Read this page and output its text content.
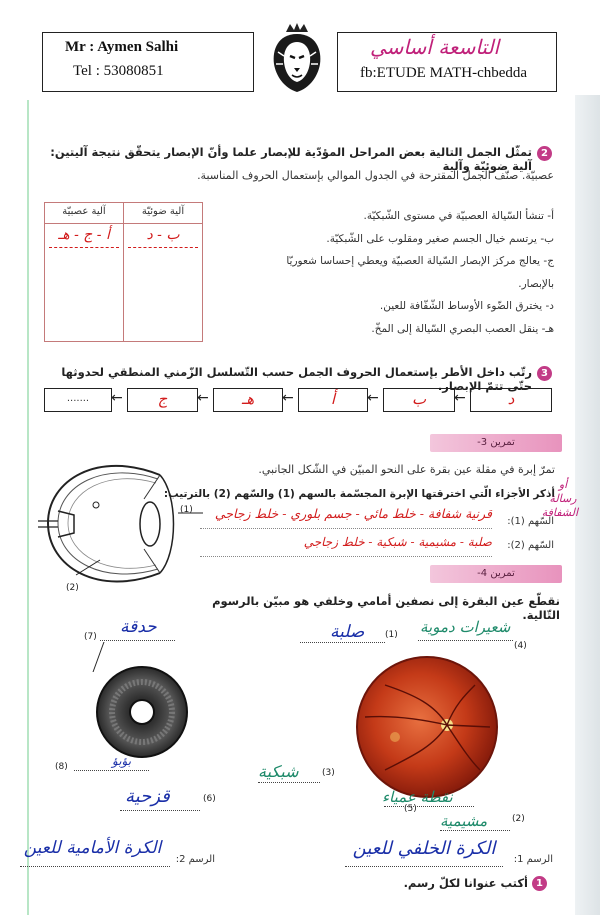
Mr : Aymen Salhi
Tel : 53080851
التاسعة أساسي
fb:ETUDE MATH-chbedda
2
تمثّل الجمل التالية بعض المراحل المؤدّية للإبصار علما وأنّ الإبصار يتحقّق نتيجة آليتين: آلية ضوئيّة وآلية
عصبيّة. صنّف الجمل المقترحة في الجدول الموالي بإستعمال الحروف المناسبة.
أ- تنشأ السّيالة العصبيّة في مستوى الشّبكيّة.
ب- يرتسم خيال الجسم صغير ومقلوب على الشّبكيّة.
ج- يعالج مركز الإبصار السّيالة العصبيّة ويعطي إحساسا شعوريّا
بالإبصار.
د- يخترق الضّوء الأوساط الشّفّافة للعين.
هـ- ينقل العصب البصري السّيالة إلى المخّ.
آلية عصبيّة	آلية ضوئيّة
أ - ج - هـ	ب - د
3
رتّب داخل الأطر بإستعمال الحروف الجمل حسب التّسلسل الزّمني المنطقي لحدوثها حتّى تتمّ الإبصار.
د
←
ب
←
أ
←
هـ
←
ج
←
.......
تمرين 3-
تمرّ إبرة في مقلة عين بقرة على النحو المبيّن في الشّكل الجانبي.
أذكر الأجزاء الّتي اخترقتها الإبرة المجسّمة بالسهم (1) والسّهم (2) بالترتيب:
أو رسالة الشفافة
(1)
(2)
السّهم (1):
قرنية شفافة - خلط مائي - جسم بلوري - خلط زجاجي
السّهم (2):
صلبة - مشيمية - شبكية - خلط زجاجي
تمرين 4-
نقطّع عين البقرة إلى نصفين أمامي وخلفي هو مبيّن بالرسوم التّالية.
(7) حدقة
(8)	بؤبؤ
(6)
قزحية
(1)
صلبة
(4)
شعيرات دموية
(3)
شبكية
(5)
نقطة عمياء
(2)
مشيمية
الرسم 1:
الكرة الخلفي للعين
الرسم 2:
الكرة الأمامية للعين
1
أكتب عنوانا لكلّ رسم.
